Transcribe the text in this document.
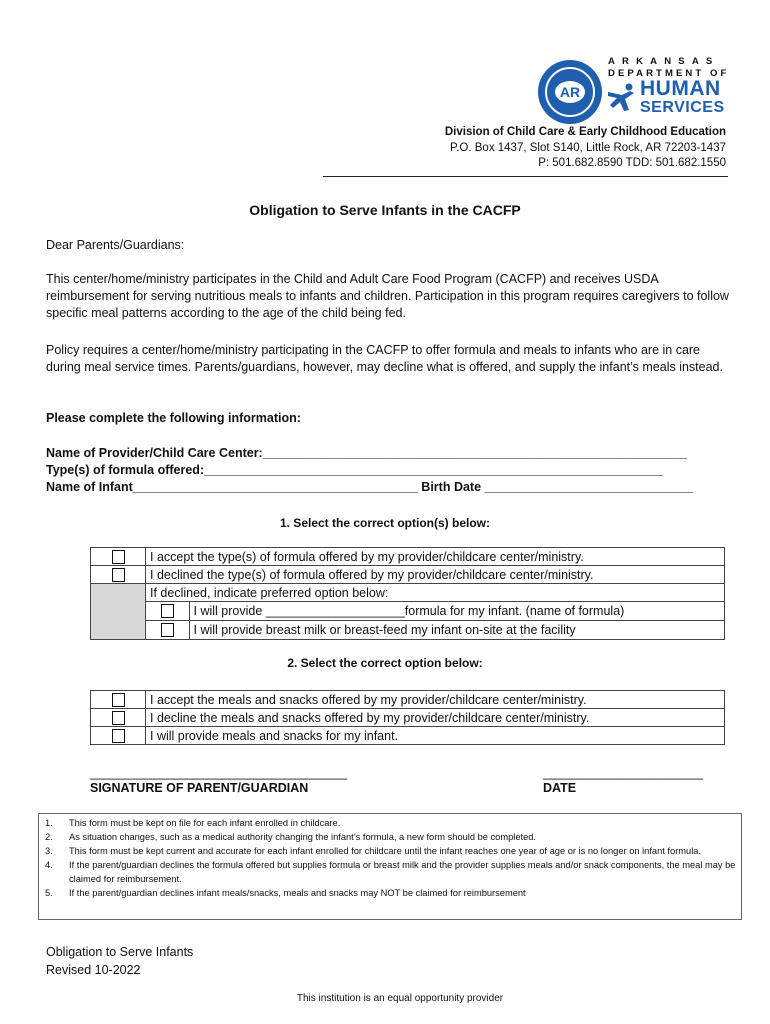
AR
ARKANSAS
DEPARTMENT OF
HUMAN
SERVICES
Division of Child Care & Early Childhood Education
P.O. Box 1437, Slot S140, Little Rock, AR 72203-1437
P: 501.682.8590 TDD: 501.682.1550
Obligation to Serve Infants in the CACFP
Dear Parents/Guardians:
This center/home/ministry participates in the Child and Adult Care Food Program (CACFP) and receives USDA reimbursement for serving nutritious meals to infants and children. Participation in this program requires caregivers to follow specific meal patterns according to the age of the child being fed.
Policy requires a center/home/ministry participating in the CACFP to offer formula and meals to infants who are in care during meal service times. Parents/guardians, however, may decline what is offered, and supply the infant’s meals instead.
Please complete the following information:
Name of Provider/Child Care Center:_____________________________________________________________
Type(s) of formula offered:__________________________________________________________________
Name of Infant_________________________________________ Birth Date ______________________________
1. Select the correct option(s) below:
	I accept the type(s) of formula offered by my provider/childcare center/ministry.
	I declined the type(s) of formula offered by my provider/childcare center/ministry.
	If declined, indicate preferred option below:

	I will provide ____________________formula for my infant. (name of formula)

	I will provide breast milk or breast-feed my infant on-site at the facility
2. Select the correct option below:
	I accept the meals and snacks offered by my provider/childcare center/ministry.
	I decline the meals and snacks offered by my provider/childcare center/ministry.
	I will provide meals and snacks for my infant.
_____________________________________
SIGNATURE OF PARENT/GUARDIAN
_______________________
DATE
1. This form must be kept on file for each infant enrolled in childcare.
2. As situation changes, such as a medical authority changing the infant’s formula, a new form should be completed.
3. This form must be kept current and accurate for each infant enrolled for childcare until the infant reaches one year of age or is no longer on infant formula.
4. If the parent/guardian declines the formula offered but supplies formula or breast milk and the provider supplies meals and/or snack components, the meal may be claimed for reimbursement.
5. If the parent/guardian declines infant meals/snacks, meals and snacks may NOT be claimed for reimbursement
Obligation to Serve Infants
Revised 10-2022
This institution is an equal opportunity provider
